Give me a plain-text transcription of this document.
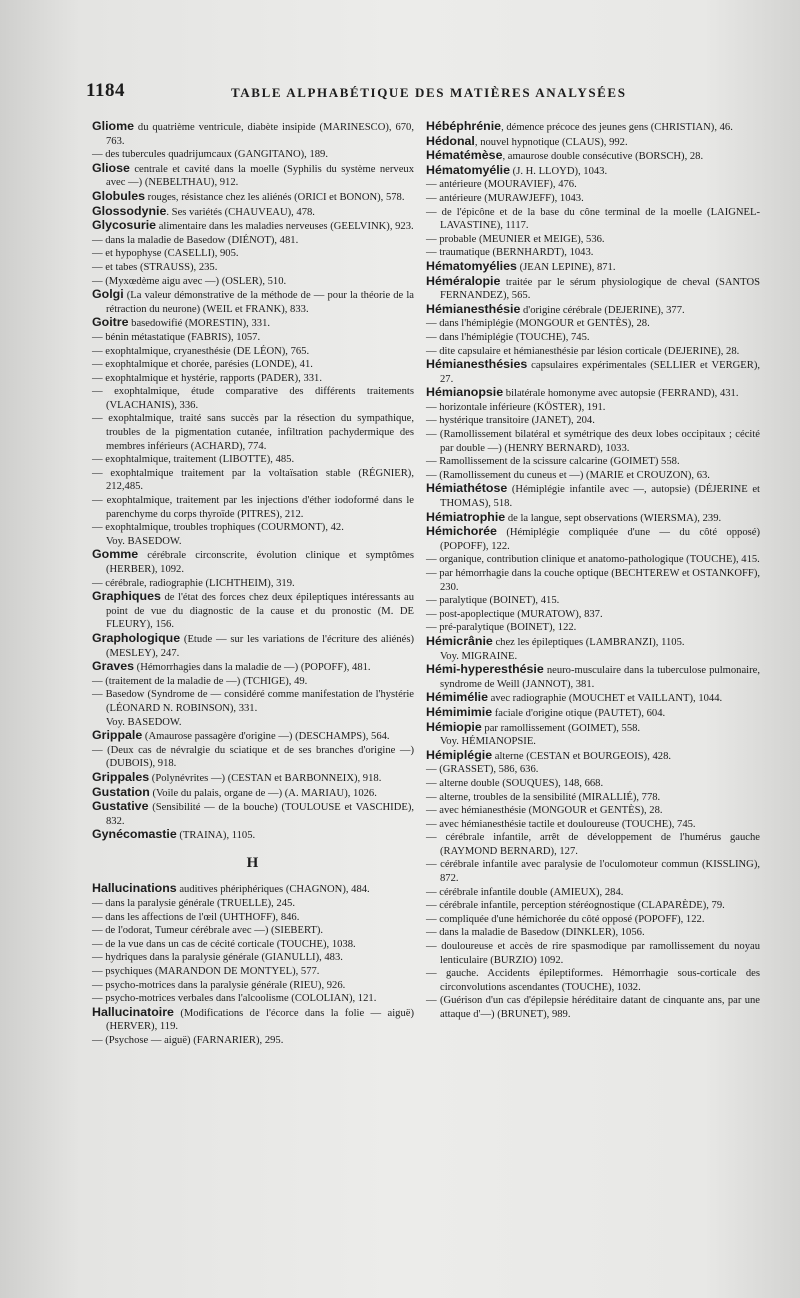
1184	TABLE ALPHABÉTIQUE DES MATIÈRES ANALYSÉES

Gliome du quatrième ventricule, diabète insipide (MARINESCO), 670, 763.

— des tubercules quadrijumcaux (GANGITANO), 189.

Gliose centrale et cavité dans la moelle (Syphilis du système nerveux avec —) (NEBELTHAU), 912.

Globules rouges, résistance chez les aliénés (ORICI et BONON), 578.

Glossodynie. Ses variétés (CHAUVEAU), 478.

Glycosurie alimentaire dans les maladies nerveuses (GEELVINK), 923.

— dans la maladie de Basedow (DIÉNOT), 481.

— et hypophyse (CASELLI), 905.

— et tabes (STRAUSS), 235.

— (Myxœdème aigu avec —) (OSLER), 510.

Golgi (La valeur démonstrative de la méthode de — pour la théorie de la rétraction du neurone) (WEIL et FRANK), 833.

Goitre basedowifié (MORESTIN), 331.

— bénin métastatique (FABRIS), 1057.

— exophtalmique, cryanesthésie (DE LÉON), 765.

— exophtalmique et chorée, parésies (LONDE), 41.

— exophtalmique et hystérie, rapports (PADER), 331.

— exophtalmique, étude comparative des différents traitements (VLACHANIS), 336.

— exophtalmique, traité sans succès par la résection du sympathique, troubles de la pigmentation cutanée, infiltration pachydermique des membres inférieurs (ACHARD), 774.

— exophtalmique, traitement (LIBOTTE), 485.

— exophtalmique traitement par la voltaïsation stable (RÉGNIER), 212,485.

— exophtalmique, traitement par les injections d'éther iodoformé dans le parenchyme du corps thyroïde (PITRES), 212.

— exophtalmique, troubles trophiques (COURMONT), 42.

Voy. BASEDOW.

Gomme cérébrale circonscrite, évolution clinique et symptômes (HERBER), 1092.

— cérébrale, radiographie (LICHTHEIM), 319.

Graphiques de l'état des forces chez deux épileptiques intéressants au point de vue du diagnostic de la cause et du pronostic (M. DE FLEURY), 156.

Graphologique (Etude — sur les variations de l'écriture des aliénés) (MESLEY), 247.

Graves (Hémorrhagies dans la maladie de —) (POPOFF), 481.

— (traitement de la maladie de —) (TCHIGE), 49.

— Basedow (Syndrome de — considéré comme manifestation de l'hystérie (LÉONARD N. ROBINSON), 331.

Voy. BASEDOW.

Grippale (Amaurose passagère d'origine —) (DESCHAMPS), 564.

— (Deux cas de névralgie du sciatique et de ses branches d'origine —) (DUBOIS), 918.

Grippales (Polynévrites —) (CESTAN et BARBONNEIX), 918.

Gustation (Voile du palais, organe de —) (A. MARIAU), 1026.

Gustative (Sensibilité — de la bouche) (TOULOUSE et VASCHIDE), 832.

Gynécomastie (TRAINA), 1105.

H

Hallucinations auditives phériphériques (CHAGNON), 484.

— dans la paralysie générale (TRUELLE), 245.

— dans les affections de l'œil (UHTHOFF), 846.

— de l'odorat, Tumeur cérébrale avec —) (SIEBERT).

— de la vue dans un cas de cécité corticale (TOUCHE), 1038.

— hydriques dans la paralysie générale (GIANULLI), 483.

— psychiques (MARANDON DE MONTYEL), 577.

— psycho-motrices dans la paralysie générale (RIEU), 926.

— psycho-motrices verbales dans l'alcoolisme (COLOLIAN), 121.

Hallucinatoire (Modifications de l'écorce dans la folie — aiguë) (HERVER), 119.

— (Psychose — aiguë) (FARNARIER), 295.

Hébéphrénie, démence précoce des jeunes gens (CHRISTIAN), 46.

Hédonal, nouvel hypnotique (CLAUS), 992.

Hématémèse, amaurose double consécutive (BORSCH), 28.

Hématomyélie (J. H. LLOYD), 1043.

— antérieure (MOURAVIEF), 476.

— antérieure (MURAWJEFF), 1043.

— de l'épicône et de la base du cône terminal de la moelle (LAIGNEL-LAVASTINE), 1117.

— probable (MEUNIER et MEIGE), 536.

— traumatique (BERNHARDT), 1043.

Hématomyélies (JEAN LEPINE), 871.

Héméralopie traitée par le sérum physiologique de cheval (SANTOS FERNANDEZ), 565.

Hémianesthésie d'origine cérébrale (DEJERINE), 377.

— dans l'hémiplégie (MONGOUR et GENTÈS), 28.

— dans l'hémiplégie (TOUCHE), 745.

— dite capsulaire et hémianesthésie par lésion corticale (DEJERINE), 28.

Hémianesthésies capsulaires expérimentales (SELLIER et VERGER), 27.

Hémianopsie bilatérale homonyme avec autopsie (FERRAND), 431.

— horizontale inférieure (KÖSTER), 191.

— hystérique transitoire (JANET), 204.

— (Ramollissement bilatéral et symétrique des deux lobes occipitaux ; cécité par double —) (HENRY BERNARD), 1033.

— Ramollissement de la scissure calcarine (GOIMET) 558.

— (Ramollissement du cuneus et —) (MARIE et CROUZON), 63.

Hémiathétose (Hémiplégie infantile avec —, autopsie) (DÉJERINE et THOMAS), 518.

Hémiatrophie de la langue, sept observations (WIERSMA), 239.

Hémichorée (Hémiplégie compliquée d'une — du côté opposé) (POPOFF), 122.

— organique, contribution clinique et anatomo-pathologique (TOUCHE), 415.

— par hémorrhagie dans la couche optique (BECHTEREW et OSTANKOFF), 230.

— paralytique (BOINET), 415.

— post-apoplectique (MURATOW), 837.

— pré-paralytique (BOINET), 122.

Hémicrânie chez les épileptiques (LAMBRANZI), 1105.

Voy. MIGRAINE.

Hémi-hyperesthésie neuro-musculaire dans la tuberculose pulmonaire, syndrome de Weill (JANNOT), 381.

Hémimélie avec radiographie (MOUCHET et VAILLANT), 1044.

Hémimimie faciale d'origine otique (PAUTET), 604.

Hémiopie par ramollissement (GOIMET), 558.

Voy. HÉMIANOPSIE.

Hémiplégie alterne (CESTAN et BOURGEOIS), 428.

— (GRASSET), 586, 636.

— alterne double (SOUQUES), 148, 668.

— alterne, troubles de la sensibilité (MIRALLIÉ), 778.

— avec hémianesthésie (MONGOUR et GENTÈS), 28.

— avec hémianesthésie tactile et douloureuse (TOUCHE), 745.

— cérébrale infantile, arrêt de développement de l'humérus gauche (RAYMOND BERNARD), 127.

— cérébrale infantile avec paralysie de l'oculomoteur commun (KISSLING), 872.

— cérébrale infantile double (AMIEUX), 284.

— cérébrale infantile, perception stéréognostique (CLAPARÈDE), 79.

— compliquée d'une hémichorée du côté opposé (POPOFF), 122.

— dans la maladie de Basedow (DINKLER), 1056.

— douloureuse et accès de rire spasmodique par ramollissement du noyau lenticulaire (BURZIO) 1092.

— gauche. Accidents épileptiformes. Hémorrhagie sous-corticale des circonvolutions ascendantes (TOUCHE), 1032.

— (Guérison d'un cas d'épilepsie héréditaire datant de cinquante ans, par une attaque d'—) (BRUNET), 989.
